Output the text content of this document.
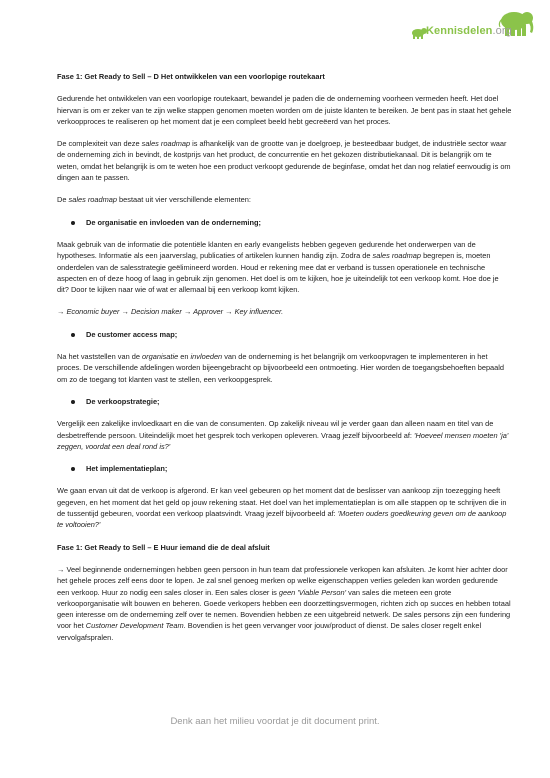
Kennisdelen.org

Fase 1: Get Ready to Sell – D Het ontwikkelen van een voorlopige routekaart

Gedurende het ontwikkelen van een voorlopige routekaart, bewandel je paden die de onderneming voorheen vermeden heeft. Het doel hiervan is om er zeker van te zijn welke stappen genomen moeten worden om de juiste klanten te bereiken. Je bent pas in staat het gehele verkoopproces te realiseren op het moment dat je een compleet beeld hebt gecreëerd van het proces.

De complexiteit van deze sales roadmap is afhankelijk van de grootte van je doelgroep, je besteedbaar budget, de industriële sector waar de onderneming zich in bevindt, de kostprijs van het product, de concurrentie en het gekozen distributiekanaal. Dit is belangrijk om te weten, omdat het belangrijk is om te weten hoe een product verkoopt gedurende de beginfase, omdat het dan nog relatief eenvoudig is om dingen aan te passen.

De sales roadmap bestaat uit vier verschillende elementen:

De organisatie en invloeden van de onderneming;

Maak gebruik van de informatie die potentiële klanten en early evangelists hebben gegeven gedurende het onderwerpen van de hypotheses. Informatie als een jaarverslag, publicaties of artikelen kunnen handig zijn. Zodra de sales roadmap begrepen is, moeten onderdelen van de salesstrategie geëlimineerd worden. Houd er rekening mee dat er verband is tussen operationele en technische aspecten en of deze hoog of laag in gebruik zijn genomen. Het doel is om te kijken, hoe je uiteindelijk tot een verkoop komt. Hoe doe je dit? Door te kijken naar wie of wat er allemaal bij een verkoop komt kijken.

→ Economic buyer → Decision maker → Approver → Key influencer.

De customer access map;

Na het vaststellen van de organisatie en invloeden van de onderneming is het belangrijk om verkoopvragen te implementeren in het proces. De verschillende afdelingen worden bijeengebracht op bijvoorbeeld een ontmoeting. Hier worden de toegangsbehoeften bepaald om zo de toegang tot klanten vast te stellen, een verkoopgesprek.

De verkoopstrategie;

Vergelijk een zakelijke invloedkaart en die van de consumenten. Op zakelijk niveau wil je verder gaan dan alleen naam en titel van de desbetreffende persoon. Uiteindelijk moet het gesprek toch verkopen opleveren. Vraag jezelf bijvoorbeeld af: 'Hoeveel mensen moeten 'ja' zeggen, voordat een deal rond is?'

Het implementatieplan;

We gaan ervan uit dat de verkoop is afgerond. Er kan veel gebeuren op het moment dat de beslisser van aankoop zijn toezegging heeft gegeven, en het moment dat het geld op jouw rekening staat. Het doel van het implementatieplan is om alle stappen op te schrijven die in de tussentijd gebeuren, voordat een verkoop plaatsvindt. Vraag jezelf bijvoorbeeld af: 'Moeten ouders goedkeuring geven om de aankoop te voltooien?'

Fase 1: Get Ready to Sell – E Huur iemand die de deal afsluit

→ Veel beginnende ondernemingen hebben geen persoon in hun team dat professionele verkopen kan afsluiten. Je komt hier achter door het gehele proces zelf eens door te lopen. Je zal snel genoeg merken op welke eigenschappen verlies geleden kan worden gedurende een verkoop. Huur zo nodig een sales closer in. Een sales closer is geen 'Viable Person' van sales die meteen een grote verkooporganisatie wilt bouwen en beheren. Goede verkopers hebben een doorzettingsvermogen, richten zich op succes en hebben totaal geen interesse om de onderneming zelf over te nemen. Bovendien hebben ze een uitgebreid netwerk. De sales persons zijn een fundering voor het Customer Development Team. Bovendien is het geen vervanger voor jouw/product of dienst. De sales closer regelt enkel vervolgafspralen.

Denk aan het milieu voordat je dit document print.
